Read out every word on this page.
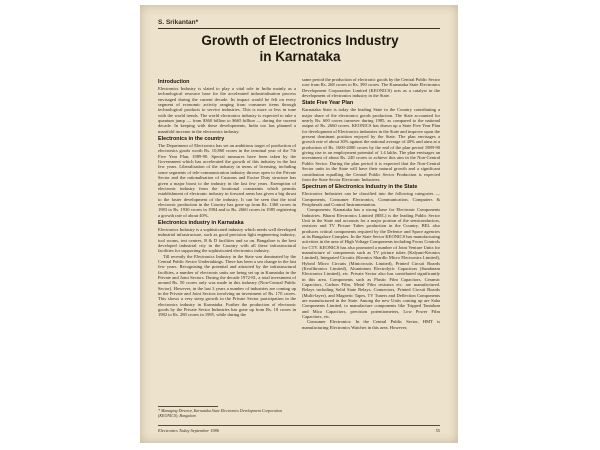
S. Srikantan*
Growth of Electronics Industry
in Karnataka
Introduction

Electronics Industry is slated to play a vital role in India mainly as a technological resource base for the accelerated industrialisation process envisaged during the current decade. Its impact would be felt on every segment of economic activity ranging from consumer items through technological products to service industries. This is more or less in tune with the world trends. The world electronics industry is expected to take a quantum jump — from $360 billion to $665 billion — during the current decade. In keeping with these developments, India too has planned a manifold increase in the electronics industry.

Electronics in the country

The Department of Electronics has set an ambitious target of production of electronics goods worth Rs. 10,860 crores in the terminal year of the 7th Five Year Plan, 1989-90. Special measures have been taken by the Government which has accelerated the growth of this industry in the last few years. Liberalisation of the industry in terms of licensing, including some segments of tele-communication industry thrown open to the Private Sector and the rationalisation of Customs and Excise Duty structure has given a major boost to the industry in the last few years. Exemption of electronic industry from the locational constraints which permits establishment of electronic industry in forward areas has given a big thrust to the faster development of the industry. It can be seen that the total electronic production in the Country has gone up from Rs. 1360 crores in 1983 to Rs. 1930 crores in 1984 and to Rs. 2660 crores in 1985 registering a growth rate of about 40%.

Electronics industry in Karnataka

Electronics Industry is a sophisticated industry which needs well developed industrial infrastructure, such as good precision light engineering industry, tool rooms, test centres, R & D facilities and so on. Bangalore is the best developed industrial city in the Country with all these infrastructural facilities for supporting the sophisticated electronics industry.

Till recently the Electronics Industry in the State was dominated by the Central Public Sector Undertakings. There has been a sea change in the last few years. Recognising the potential and attracted by the infrastructural facilities, a number of electronic units are being set up in Karnataka in the Private and Joint Sectors. During the decade 1972-81, a total investment of around Rs. 50 crores only was made in this industry (Non-Central Public Sector). However, in the last 3 years a number of industries are coming up in the Private and Joint Sectors involving an investment of Rs. 170 crores. This shows a very steep growth in the Private Sector participation in the electronics industry in Karnataka. Further the production of electronic goods by the Private Sector Industries has gone up from Rs. 18 crores in 1982 to Rs. 280 crores in 1985, while during the

* Managing Director, Karnataka State Electronics Development Corporation (KEONICS), Bangalore.

same period the production of electronic goods by the Central Public Sector rose from Rs. 268 crores to Rs. 390 crores. The Karnataka State Electronics Development Corporation Limited (KEONICS) acts as a catalyst in the development of electronics industry in the State.

State Five Year Plan

Karnataka State is today the leading State in the Country contributing a major share of the electronics goods production. The State accounted for nearly Rs. 600 crores turnover during 1985, as compared to the national output of Rs. 2660 crores. KEONICS has drawn up a State Five Year Plan for development of Electronics industries in the State and improve upon the present dominant position enjoyed by the State. The plan envisages a growth rate of about 30% against the national average of 40% and aims at a production of Rs. 1600-2000 crores by the end of the plan period 1989-90 giving rise to an employment potential of 1.4 lakhs. The plan envisages an investment of about Rs. 240 crores to achieve this aim in the Non-Central Public Sector. During the plan period it is expected that the Non-Central Sector units in the State will have their natural growth and a significant contribution equalling the Central Public Sector Production is expected from the State Sector Electronic Industries.

Spectrum of Electronics Industry in the State

Electronics Industries can be classified into the following categories — Components, Consumer Electronics, Communication, Computers & Peripherals and Control Instrumentation.

Components: Karnataka has a strong base for Electronic Components Industries. Bharat Electronics Limited (BEL) is the leading Public Sector Unit in the State and accounts for a major portion of the semiconductors, resistors and TV Picture Tubes production in the Country. BEL also produces critical components required by the Defence and Space agencies at its Bangalore Complex. In the State Sector KEONICS has manufacturing activities in the area of High Voltage Components including Focus Controls for CTV. KEONICS has also promoted a number of Joint Venture Units for manufacture of components such as TV picture tubes (Kalyani-Keonics Limited), Integrated Circuits (Keonics Shardlo Micro Electronics Limited), Hybrid Micro Circuits (Minicircuits Limited), Printed Circuit Boards (Keofibronics Limited), Aluminium Electrolytic Capacitors (Sundaram Electronics Limited), etc. Private Sector also has contributed significantly in this area. Components such as Plastic Film Capacitors, Ceramic Capacitors, Carbon Film, Metal Film resistors etc. are manufactured. Relays including Solid State Relays, Connectors, Printed Circuit Boards (Multi-layer), and Magnetic Tapes, TV Tuners and Deflection Components are manufactured in the State. Among the new Units coming up are Saha Components Limited, to manufacture components like Tripped Tantalum and Mica Capacitors, precision potentiometers, Low Power Film Capacitors, etc.

Consumer Electronics: In the Central Public Sector, HMT is manufacturing Electronics Watches in this area. However,

Electronics Today September 1986	55
